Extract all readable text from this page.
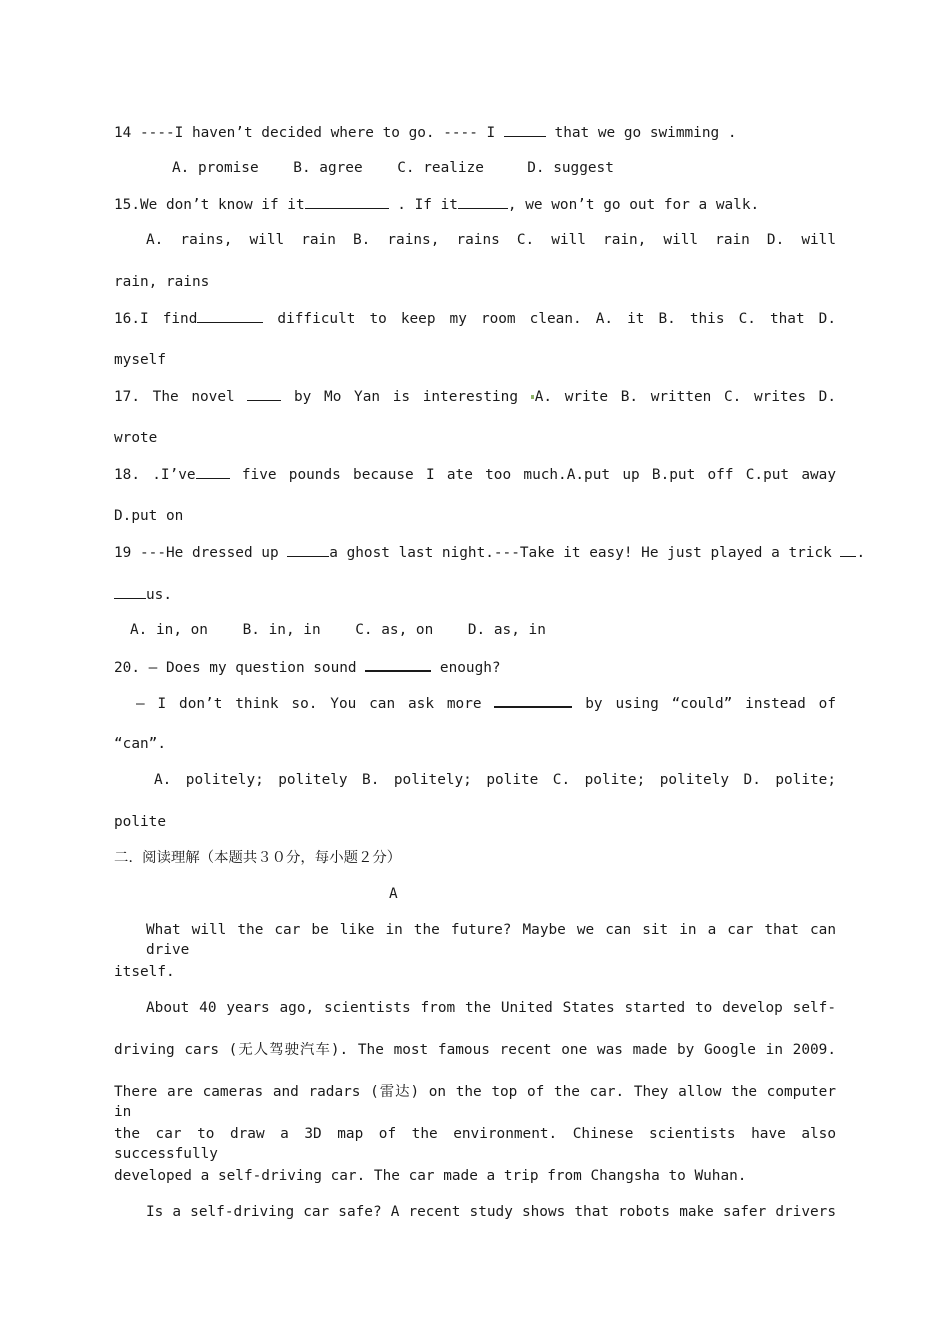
14 ----I haven’t decided where to go. ---- I	that we go swimming .
A. promise    B. agree    C. realize     D. suggest
15.We don’t know if it	. If it	, we won’t go out for a walk.
A. rains, will rain B. rains, rains C. will rain, will rain D. will
rain, rains
16.I find	difficult to keep my room clean. A. it B. this C. that D.
myself
17. The novel  by Mo Yan is interesting A. write B. written C. writes D.
wrote
18. .I’ve five pounds because I ate too much.A.put up B.put off C.put away
D.put on
19 ---He dressed up	a ghost last night.---Take it easy! He just played a trick .
us.
A. in, on    B. in, in    C. as, on    D. as, in
20. — Does my question sound	enough?
— I don’t think so. You can ask more	by using “could” instead of
“can”.
A. politely; politely B. politely; polite C. polite; politely D. polite;
polite
二.  阅读理解（本题共３０分，每小题２分）
A
What will the car be like in the future? Maybe we can sit in a car that can drive
itself.
About 40 years ago, scientists from the United States started to develop self-
driving cars (无人驾驶汽车). The most famous recent one was made by Google in 2009.
There are cameras and radars (雷达) on the top of the car. They allow the computer in
the car to draw a 3D map of the environment. Chinese scientists have also successfully
developed a self-driving car. The car made a trip from Changsha to Wuhan.
Is a self-driving car safe? A recent study shows that robots make safer drivers
